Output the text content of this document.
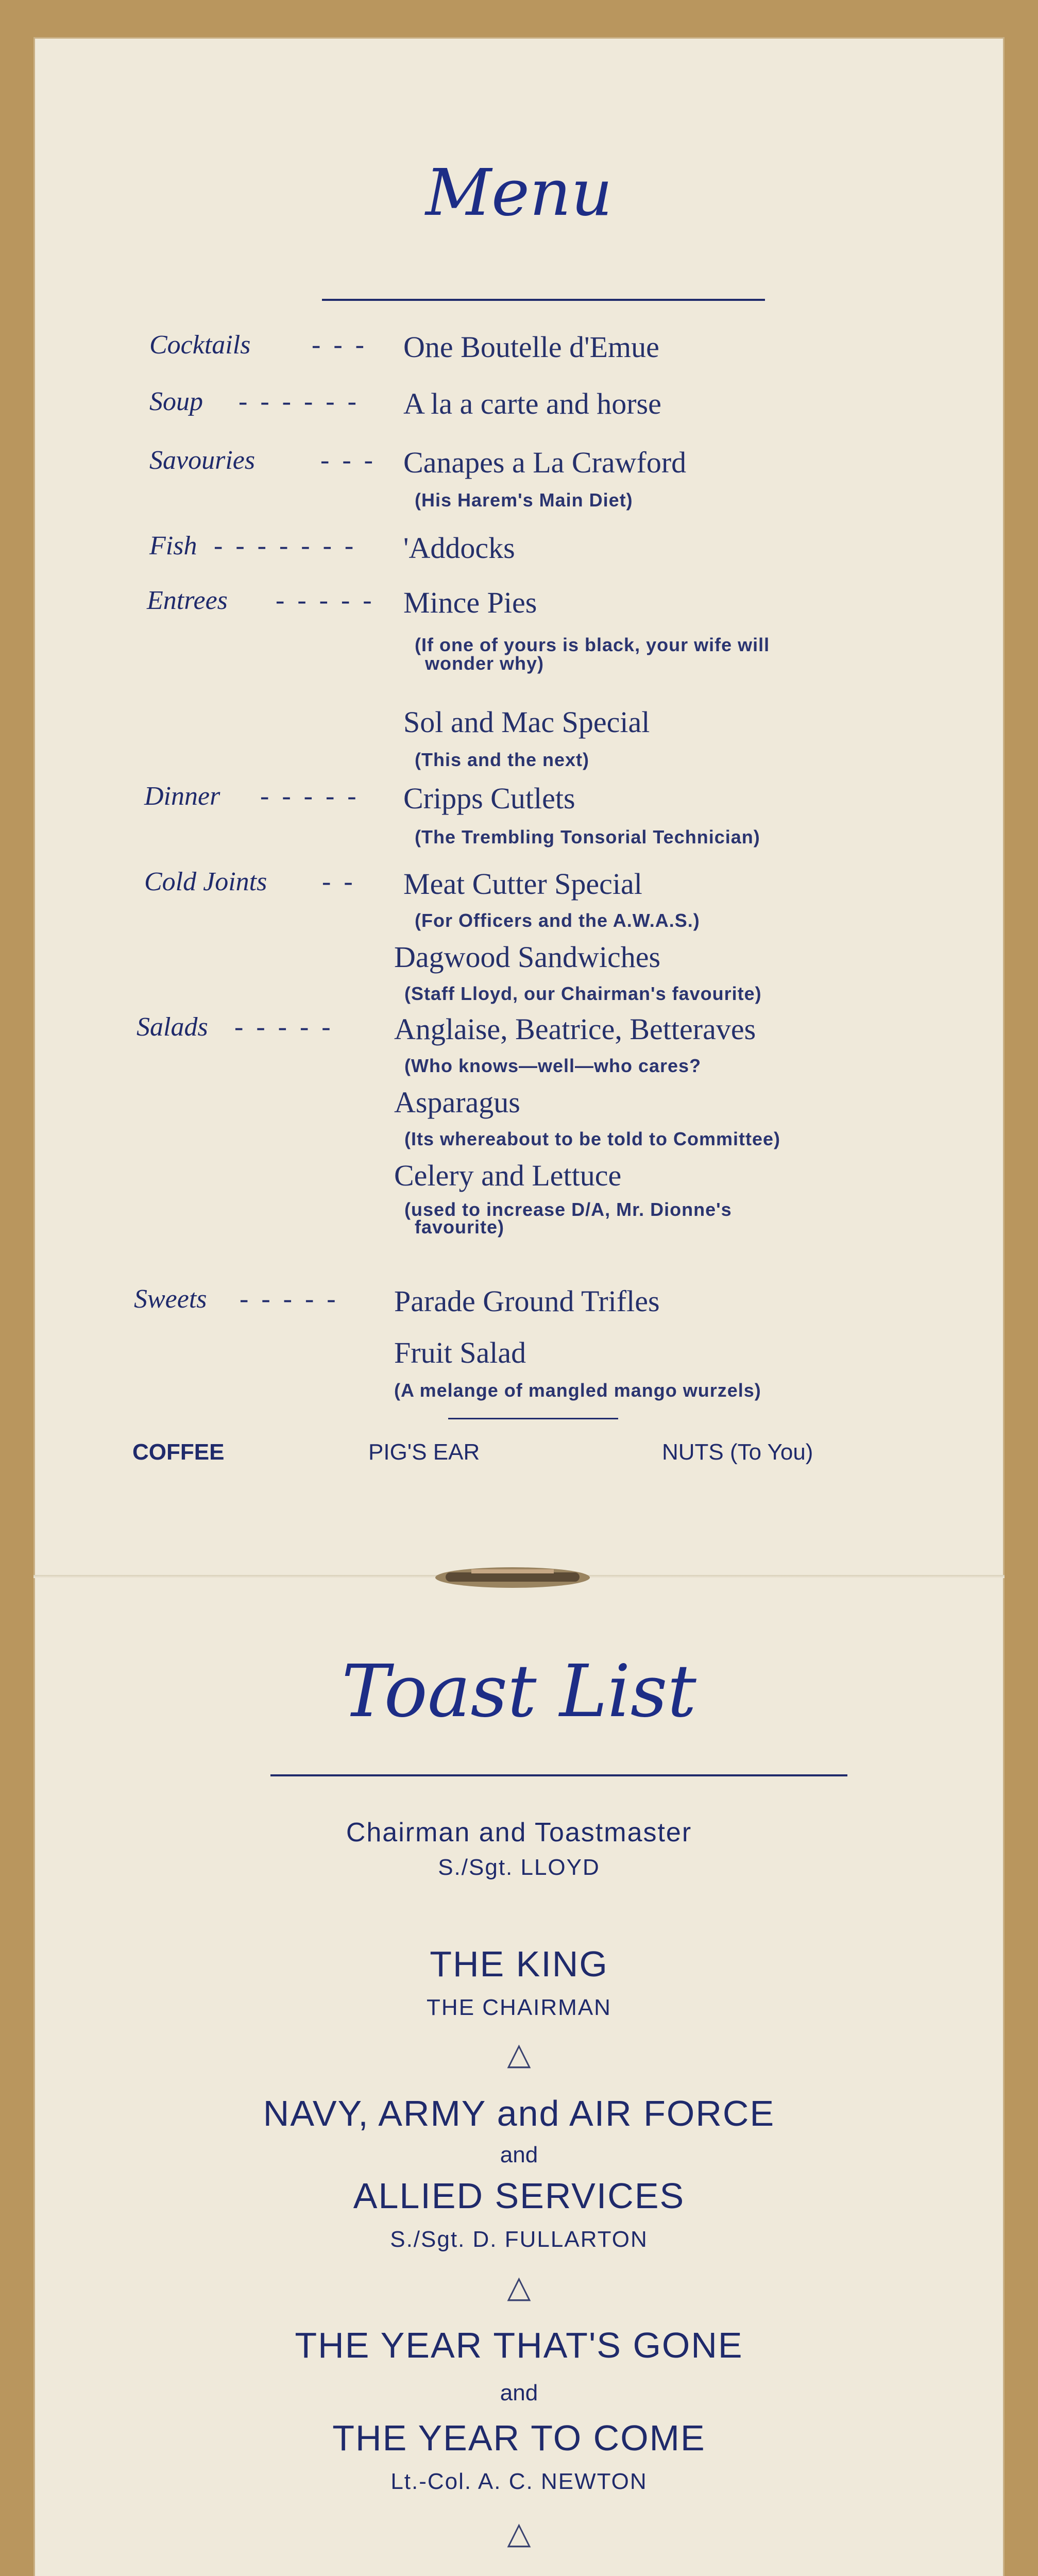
Menu
Cocktails - - - One Boutelle d'Emue
Soup - - - - - - A la a carte and horse
Savouries - - - Canapes a La Crawford
(His Harem's Main Diet)
Fish - - - - - - - 'Addocks
Entrees - - - - - Mince Pies
(If one of yours is black, your wife will
wonder why)
Sol and Mac Special
(This and the next)
Dinner - - - - - Cripps Cutlets
(The Trembling Tonsorial Technician)
Cold Joints - - Meat Cutter Special
(For Officers and the A.W.A.S.)
Dagwood Sandwiches
(Staff Lloyd, our Chairman's favourite)
Salads - - - - - Anglaise, Beatrice, Betteraves
(Who knows—well—who cares?
Asparagus
(Its whereabout to be told to Committee)
Celery and Lettuce
(used to increase D/A, Mr. Dionne's
favourite)
Sweets - - - - - Parade Ground Trifles
Fruit Salad
(A melange of mangled mango wurzels)
COFFEE	PIG'S EAR	NUTS (To You)
Toast List
Chairman and Toastmaster
S./Sgt. LLOYD
THE KING
THE CHAIRMAN
△
NAVY, ARMY and AIR FORCE
and
ALLIED SERVICES
S./Sgt. D. FULLARTON
△
THE YEAR THAT'S GONE
and
THE YEAR TO COME
Lt.-Col. A. C. NEWTON
△
